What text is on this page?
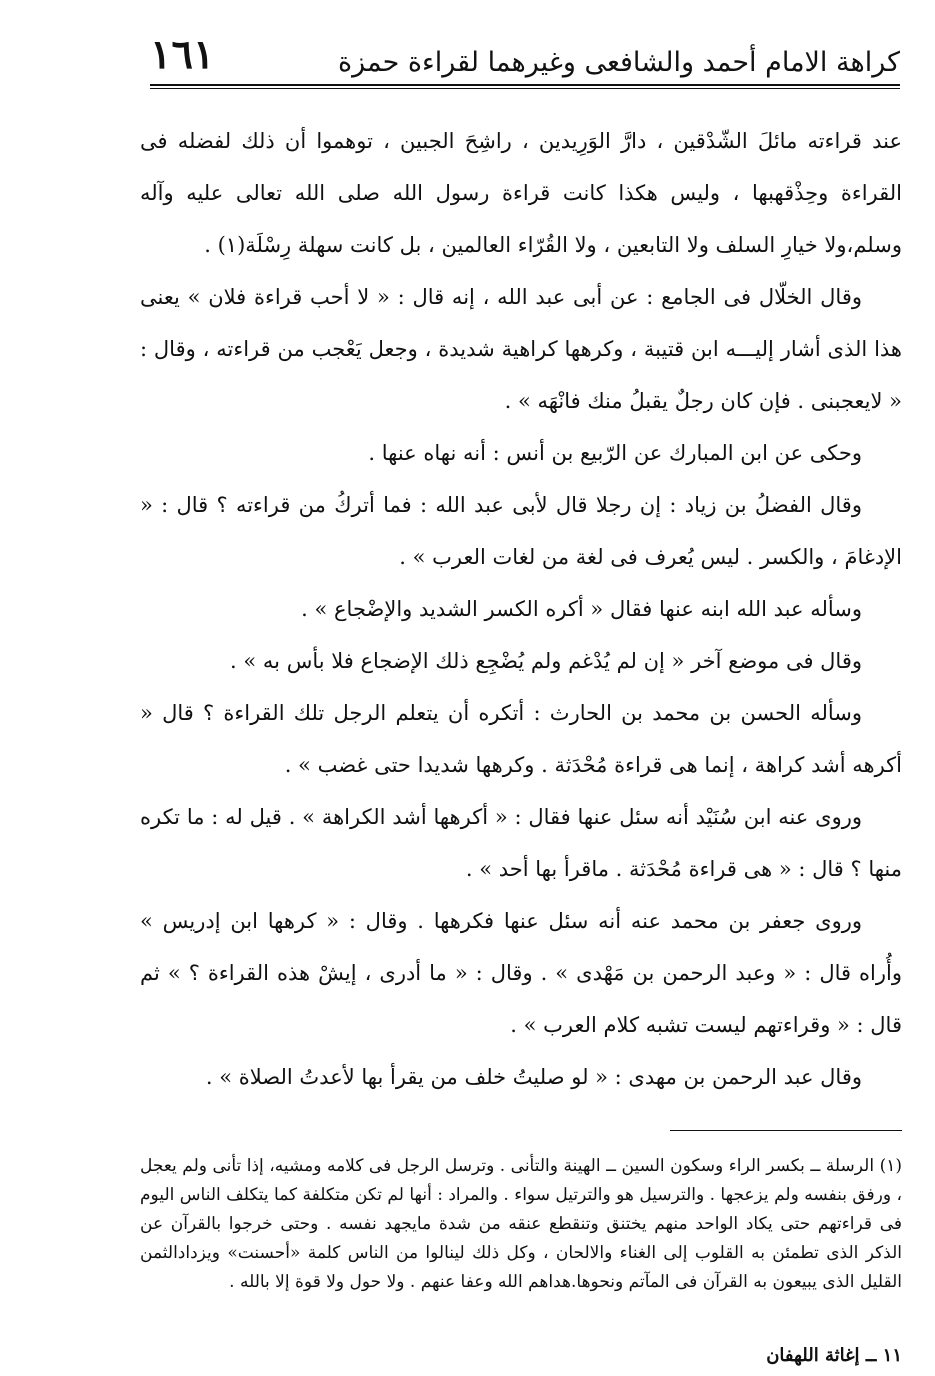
كراهة الامام أحمد والشافعى وغيرهما لقراءة حمزة
١٦١

عند قراءته مائلَ الشّدْقين ، دارَّ الوَرِيدين ، راشِحَ الجبين ، توهموا أن ذلك لفضله فى القراءة وحِذْقهبها ، وليس هكذا كانت قراءة رسول الله صلى الله تعالى عليه وآله وسلم،ولا خيارِ السلف ولا التابعين ، ولا القُرّاء العالمين ، بل كانت سهلة رِسْلَة(١) .

وقال الخلّال فى الجامع : عن أبى عبد الله ، إنه قال : « لا أحب قراءة فلان » يعنى هذا الذى أشار إليـــه ابن قتيبة ، وكرهها كراهية شديدة ، وجعل يَعْجب من قراءته ، وقال : « لايعجبنى . فإن كان رجلٌ يقبلُ منك فانْهَه » .

وحكى عن ابن المبارك عن الرّبيع بن أنس : أنه نهاه عنها .

وقال الفضلُ بن زياد : إن رجلا قال لأبى عبد الله : فما أتركُ من قراءته ؟ قال : « الإدغامَ ، والكسر . ليس يُعرف فى لغة من لغات العرب » .

وسأله عبد الله ابنه عنها فقال « أكره الكسر الشديد والإضْجاع » .

وقال فى موضع آخر « إن لم يُدْغم ولم يُضْجِع ذلك الإضجاع فلا بأس به » .

وسأله الحسن بن محمد بن الحارث : أتكره أن يتعلم الرجل تلك القراءة ؟ قال « أكرهه أشد كراهة ، إنما هى قراءة مُحْدَثة . وكرهها شديدا حتى غضب » .

وروى عنه ابن سُنَيْد أنه سئل عنها فقال : « أكرهها أشد الكراهة » . قيل له : ما تكره منها ؟ قال : « هى قراءة مُحْدَثة . ماقرأ بها أحد » .

وروى جعفر بن محمد عنه أنه سئل عنها فكرهها . وقال : « كرهها ابن إدريس » وأُراه قال : « وعبد الرحمن بن مَهْدى » . وقال : « ما أدرى ، إيشْ هذه القراءة ؟ » ثم قال : « وقراءتهم ليست تشبه كلام العرب » .

وقال عبد الرحمن بن مهدى : « لو صليتُ خلف من يقرأ بها لأعدتُ الصلاة » .

(١) الرسلة ــ بكسر الراء وسكون السين ــ الهينة والتأنى . وترسل الرجل فى كلامه ومشيه، إذا تأنى ولم يعجل ، ورفق بنفسه ولم يزعجها . والترسيل هو والترتيل سواء . والمراد : أنها لم تكن متكلفة كما يتكلف الناس اليوم فى قراءتهم حتى يكاد الواحد منهم يختنق وتنقطع عنقه من شدة مايجهد نفسه . وحتى خرجوا بالقرآن عن الذكر الذى تطمئن به القلوب إلى الغناء والالحان ، وكل ذلك لينالوا من الناس كلمة «أحسنت» ويزدادالثمن القليل الذى يبيعون به القرآن فى المآتم ونحوها.هداهم الله وعفا عنهم . ولا حول ولا قوة إلا بالله .
١١ ــ إغاثة اللهفان
